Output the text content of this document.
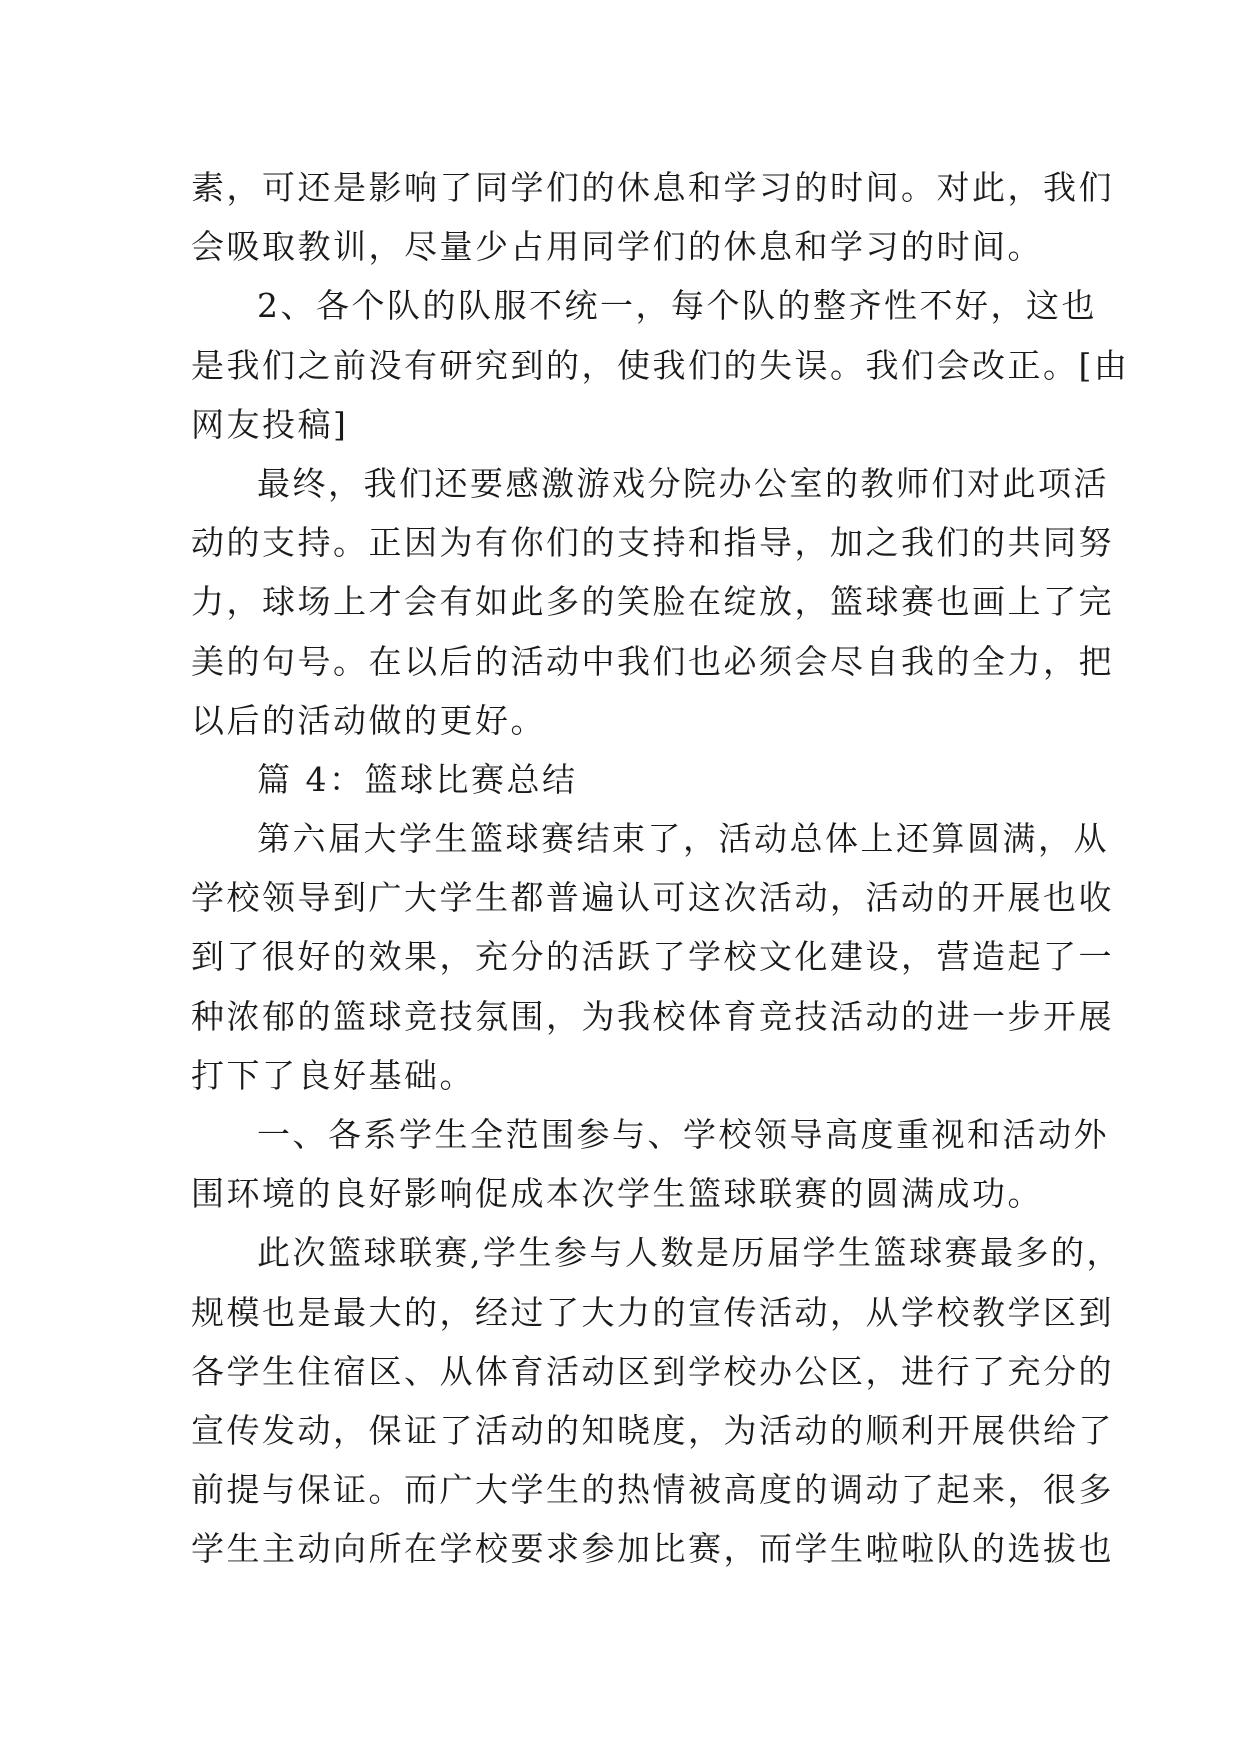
素，可还是影响了同学们的休息和学习的时间。对此，我们
会吸取教训，尽量少占用同学们的休息和学习的时间。
2、各个队的队服不统一，每个队的整齐性不好，这也
是我们之前没有研究到的，使我们的失误。我们会改正。[由
网友投稿]
最终，我们还要感激游戏分院办公室的教师们对此项活
动的支持。正因为有你们的支持和指导，加之我们的共同努
力，球场上才会有如此多的笑脸在绽放，篮球赛也画上了完
美的句号。在以后的活动中我们也必须会尽自我的全力，把
以后的活动做的更好。
篇 4：篮球比赛总结
第六届大学生篮球赛结束了，活动总体上还算圆满，从
学校领导到广大学生都普遍认可这次活动，活动的开展也收
到了很好的效果，充分的活跃了学校文化建设，营造起了一
种浓郁的篮球竞技氛围，为我校体育竞技活动的进一步开展
打下了良好基础。
一、各系学生全范围参与、学校领导高度重视和活动外
围环境的良好影响促成本次学生篮球联赛的圆满成功。
此次篮球联赛,学生参与人数是历届学生篮球赛最多的，
规模也是最大的，经过了大力的宣传活动，从学校教学区到
各学生住宿区、从体育活动区到学校办公区，进行了充分的
宣传发动，保证了活动的知晓度，为活动的顺利开展供给了
前提与保证。而广大学生的热情被高度的调动了起来，很多
学生主动向所在学校要求参加比赛，而学生啦啦队的选拔也
